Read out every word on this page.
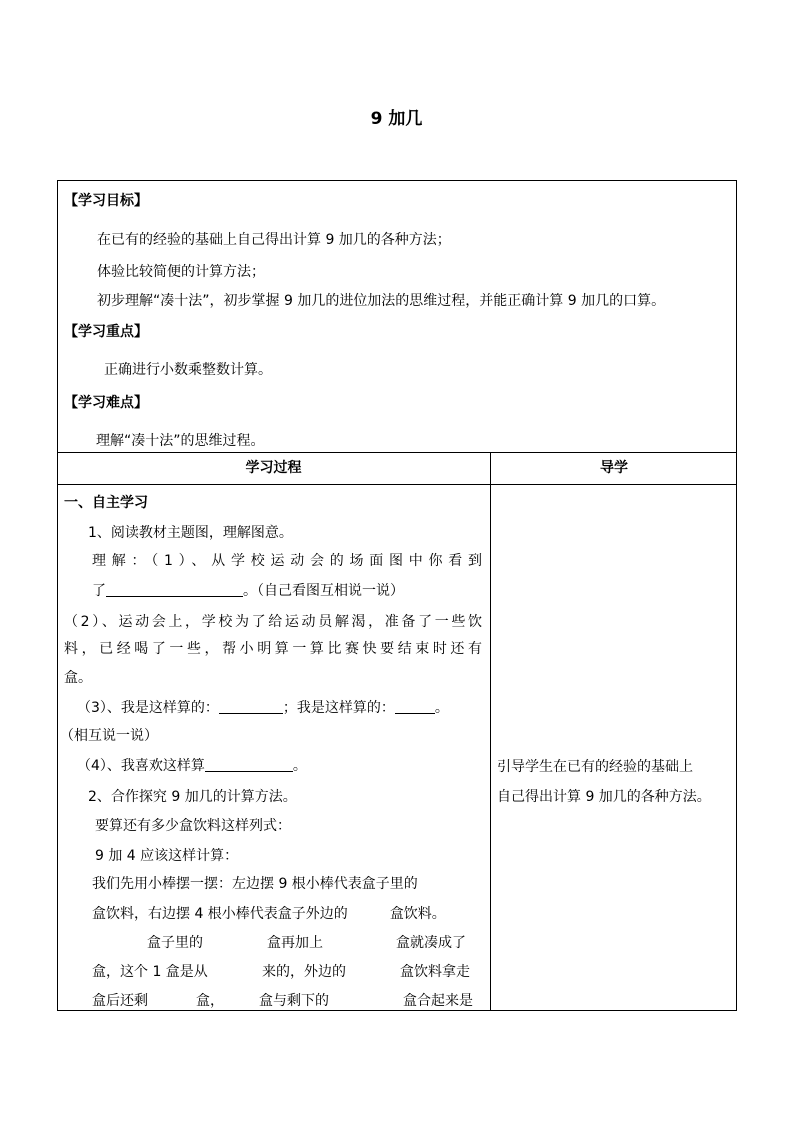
9 加几
【学习目标】
在已有的经验的基础上自己得出计算 9 加几的各种方法；
体验比较简便的计算方法；
初步理解“凑十法”，初步掌握 9 加几的进位加法的思维过程，并能正确计算 9 加几的口算。
【学习重点】
正确进行小数乘整数计算。
【学习难点】
理解“凑十法”的思维过程。
学习过程	导学
一、自主学习
1、阅读教材主题图，理解图意。
理解：（1）、从学校运动会的场面图中你看到
了	。（自己看图互相说一说）
（2）、运动会上，学校为了给运动员解渴，准备了一些饮
料，已经喝了一些，帮小明算一算比赛快要结束时还有
盒。
（3）、我是这样算的：	；我是这样算的：	。
（相互说一说）
（4）、我喜欢这样算	。
2、合作探究 9 加几的计算方法。
要算还有多少盒饮料这样列式：
9 加 4 应该这样计算：
我们先用小棒摆一摆：左边摆 9 根小棒代表盒子里的
盒饮料，右边摆 4 根小棒代表盒子外边的	盒饮料。
盒子里的	盒再加上	盒就凑成了
盒，这个 1 盒是从	来的，外边的	盒饮料拿走
盒后还剩	盒，	盒与剩下的	盒合起来是
引导学生在已有的经验的基础上
自己得出计算 9 加几的各种方法。
